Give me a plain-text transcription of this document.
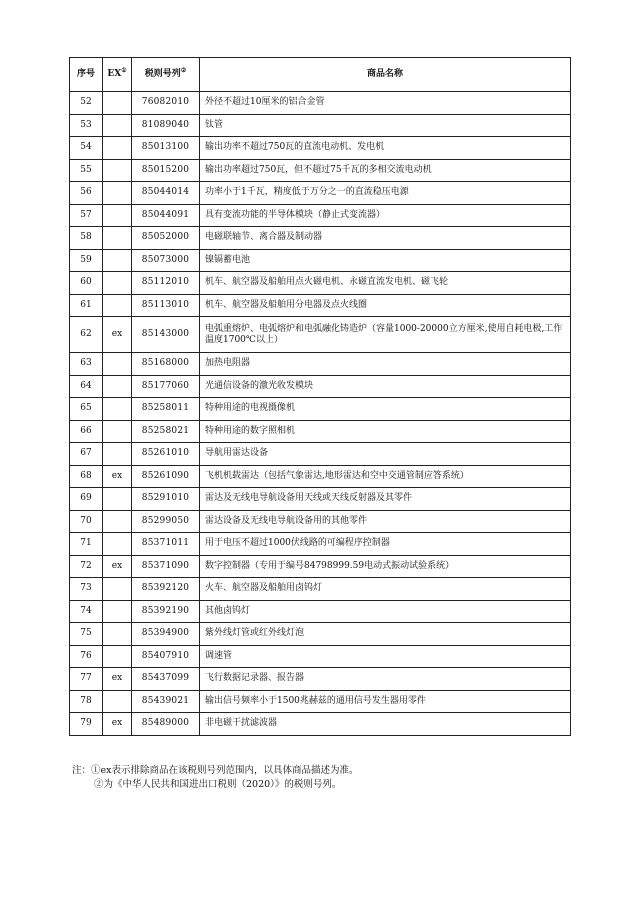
序号	EX①	税则号列②	商品名称
52		76082010	外径不超过10厘米的铝合金管
53		81089040	钛管
54		85013100	输出功率不超过750瓦的直流电动机、发电机
55		85015200	输出功率超过750瓦，但不超过75千瓦的多相交流电动机
56		85044014	功率小于1千瓦，精度低于万分之一的直流稳压电源
57		85044091	具有变流功能的半导体模块（静止式变流器）
58		85052000	电磁联轴节、离合器及制动器
59		85073000	镍镉蓄电池
60		85112010	机车、航空器及船舶用点火磁电机、永磁直流发电机、磁飞轮
61		85113010	机车、航空器及船舶用分电器及点火线圈
62	ex	85143000	电弧重熔炉、电弧熔炉和电弧融化铸造炉（容量1000-20000立方厘米,使用自耗电极,工作温度1700℃以上）
63		85168000	加热电阻器
64		85177060	光通信设备的激光收发模块
65		85258011	特种用途的电视摄像机
66		85258021	特种用途的数字照相机
67		85261010	导航用雷达设备
68	ex	85261090	飞机机载雷达（包括气象雷达,地形雷达和空中交通管制应答系统）
69		85291010	雷达及无线电导航设备用天线或天线反射器及其零件
70		85299050	雷达设备及无线电导航设备用的其他零件
71		85371011	用于电压不超过1000伏线路的可编程序控制器
72	ex	85371090	数字控制器（专用于编号84798999.59电动式振动试验系统）
73		85392120	火车、航空器及船舶用卤钨灯
74		85392190	其他卤钨灯
75		85394900	紫外线灯管或红外线灯泡
76		85407910	调速管
77	ex	85437099	飞行数据记录器、报告器
78		85439021	输出信号频率小于1500兆赫兹的通用信号发生器用零件
79	ex	85489000	非电磁干扰滤波器
注：①ex表示排除商品在该税则号列范围内，以具体商品描述为准。
②为《中华人民共和国进出口税则（2020）》的税则号列。
